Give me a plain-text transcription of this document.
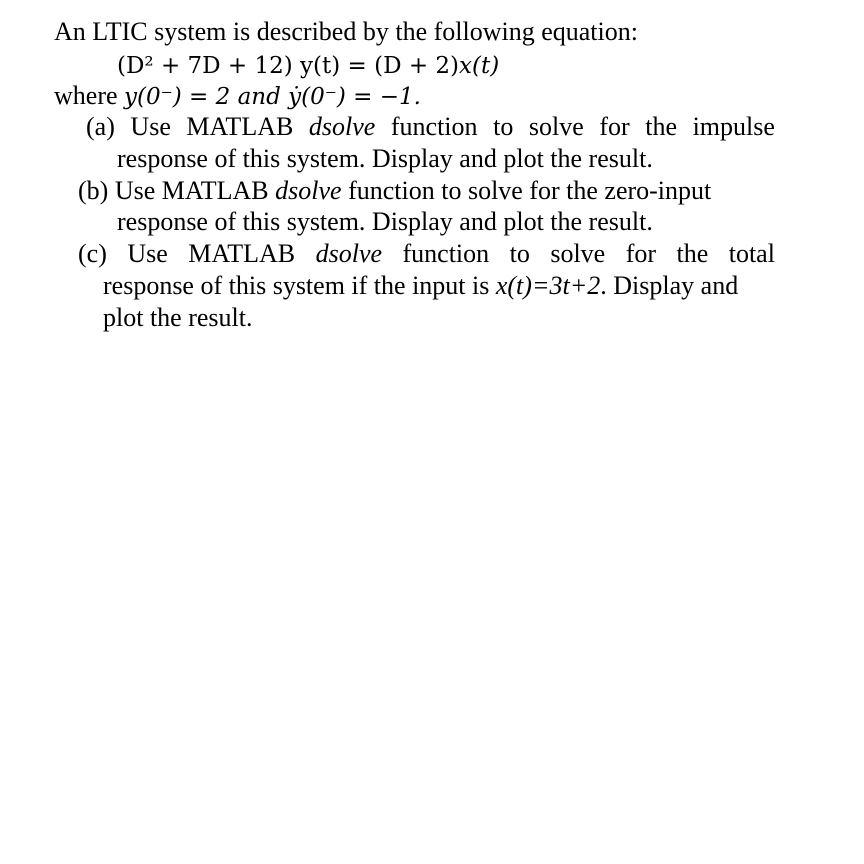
An LTIC system is described by the following equation:
(D² + 7D + 12) y(t) = (D + 2)x(t)
where y(0⁻) = 2 and ẏ(0⁻) = −1.
(a) Use MATLAB dsolve function to solve for the impulse
response of this system. Display and plot the result.
(b) Use MATLAB dsolve function to solve for the zero-input
response of this system. Display and plot the result.
(c) Use MATLAB dsolve function to solve for the total
response of this system if the input is x(t)=3t+2. Display and
plot the result.
